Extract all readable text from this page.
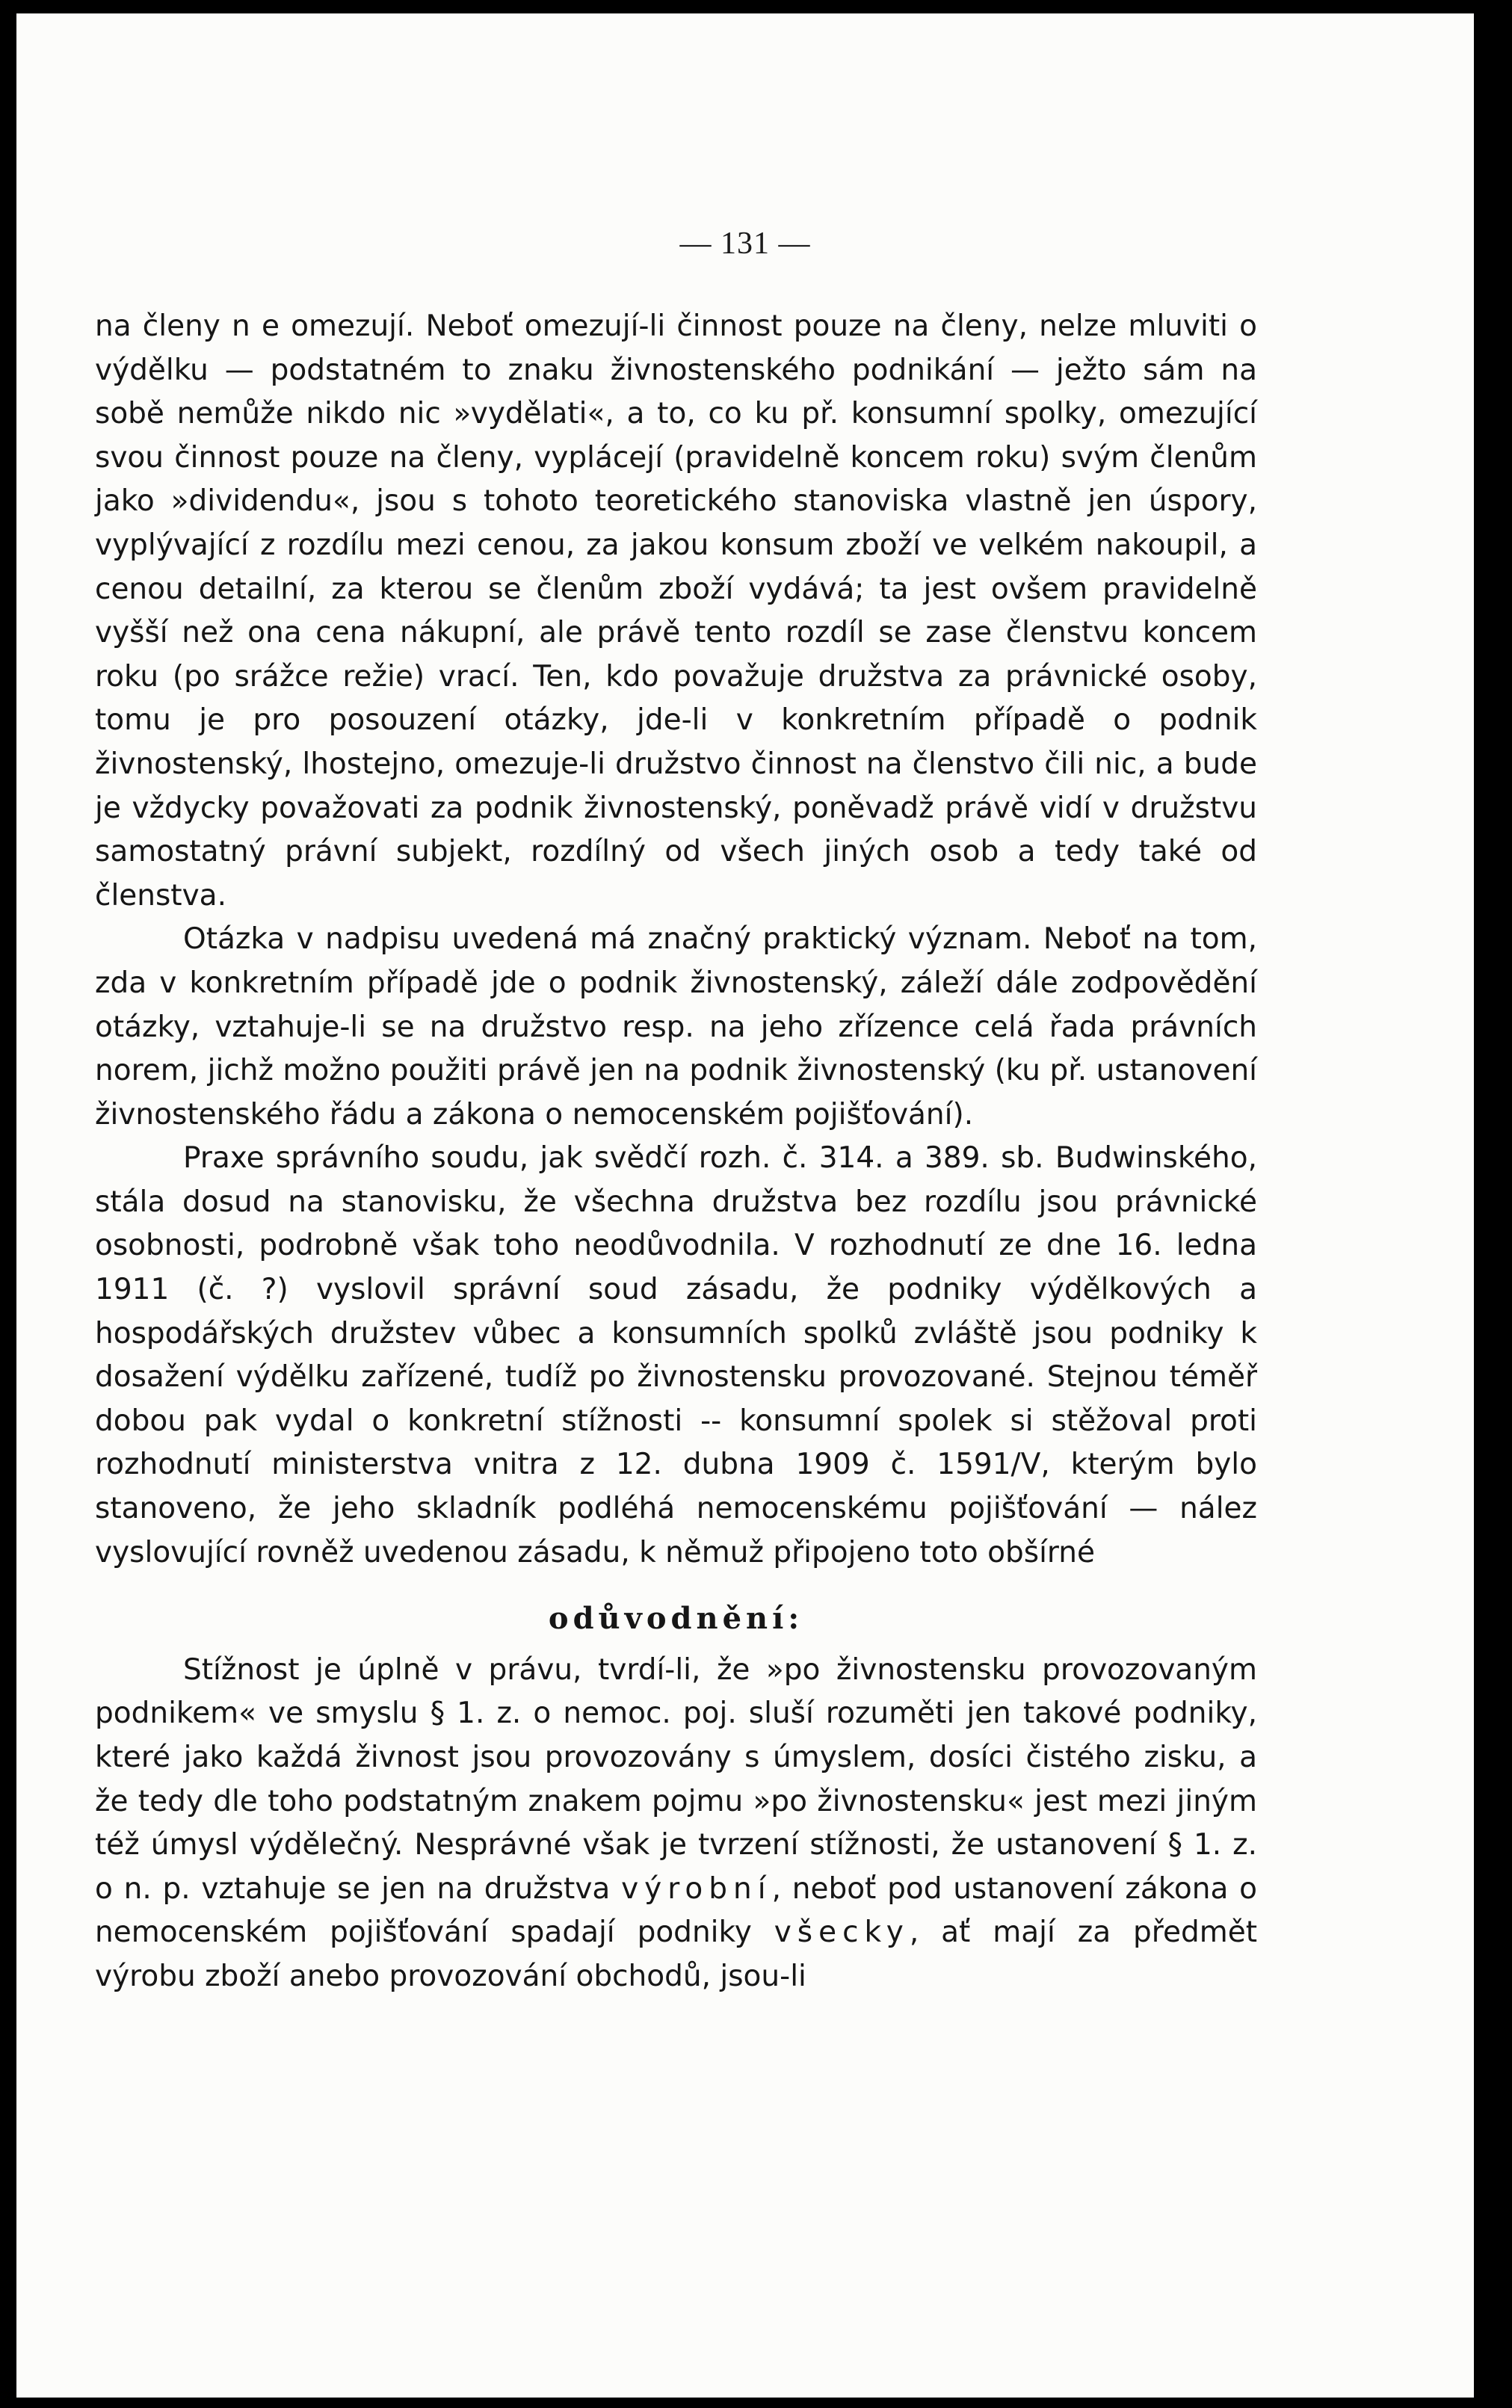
— 131 —

na členy n e omezují. Neboť omezují-li činnost pouze na členy, nelze mluviti o výdělku — podstatném to znaku živnostenského podnikání — ježto sám na sobě nemůže nikdo nic »vydělati«, a to, co ku př. konsumní spolky, omezující svou činnost pouze na členy, vyplácejí (pravidelně koncem roku) svým členům jako »dividendu«, jsou s tohoto teoretického stanoviska vlastně jen úspory, vyplývající z rozdílu mezi cenou, za jakou konsum zboží ve velkém nakoupil, a cenou detailní, za kterou se členům zboží vydává; ta jest ovšem pravidelně vyšší než ona cena nákupní, ale právě tento rozdíl se zase členstvu koncem roku (po srážce režie) vrací. Ten, kdo považuje družstva za právnické osoby, tomu je pro posouzení otázky, jde-li v konkretním případě o podnik živnostenský, lhostejno, omezuje-li družstvo činnost na členstvo čili nic, a bude je vždycky považovati za podnik živnostenský, poněvadž právě vidí v družstvu samostatný právní subjekt, rozdílný od všech jiných osob a tedy také od členstva.

Otázka v nadpisu uvedená má značný praktický význam. Neboť na tom, zda v konkretním případě jde o podnik živnostenský, záleží dále zodpovědění otázky, vztahuje-li se na družstvo resp. na jeho zřízence celá řada právních norem, jichž možno použiti právě jen na podnik živnostenský (ku př. ustanovení živnostenského řádu a zákona o nemocenském pojišťování).

Praxe správního soudu, jak svědčí rozh. č. 314. a 389. sb. Budwinského, stála dosud na stanovisku, že všechna družstva bez rozdílu jsou právnické osobnosti, podrobně však toho neodůvodnila. V rozhodnutí ze dne 16. ledna 1911 (č. ?) vyslovil správní soud zásadu, že podniky výdělkových a hospodářských družstev vůbec a konsumních spolků zvláště jsou podniky k dosažení výdělku zařízené, tudíž po živnostensku provozované. Stejnou téměř dobou pak vydal o konkretní stížnosti -- konsumní spolek si stěžoval proti rozhodnutí ministerstva vnitra z 12. dubna 1909 č. 1591/V, kterým bylo stanoveno, že jeho skladník podléhá nemocenskému pojišťování — nález vyslovující rovněž uvedenou zásadu, k němuž připojeno toto obšírné

odůvodnění:

Stížnost je úplně v právu, tvrdí-li, že »po živnostensku provozovaným podnikem« ve smyslu § 1. z. o nemoc. poj. sluší rozuměti jen takové podniky, které jako každá živnost jsou provozovány s úmyslem, dosíci čistého zisku, a že tedy dle toho podstatným znakem pojmu »po živnostensku« jest mezi jiným též úmysl výdělečný. Nesprávné však je tvrzení stížnosti, že ustanovení § 1. z. o n. p. vztahuje se jen na družstva výrobní, neboť pod ustanovení zákona o nemocenském pojišťování spadají podniky všecky, ať mají za předmět výrobu zboží anebo provozování obchodů, jsou-li
